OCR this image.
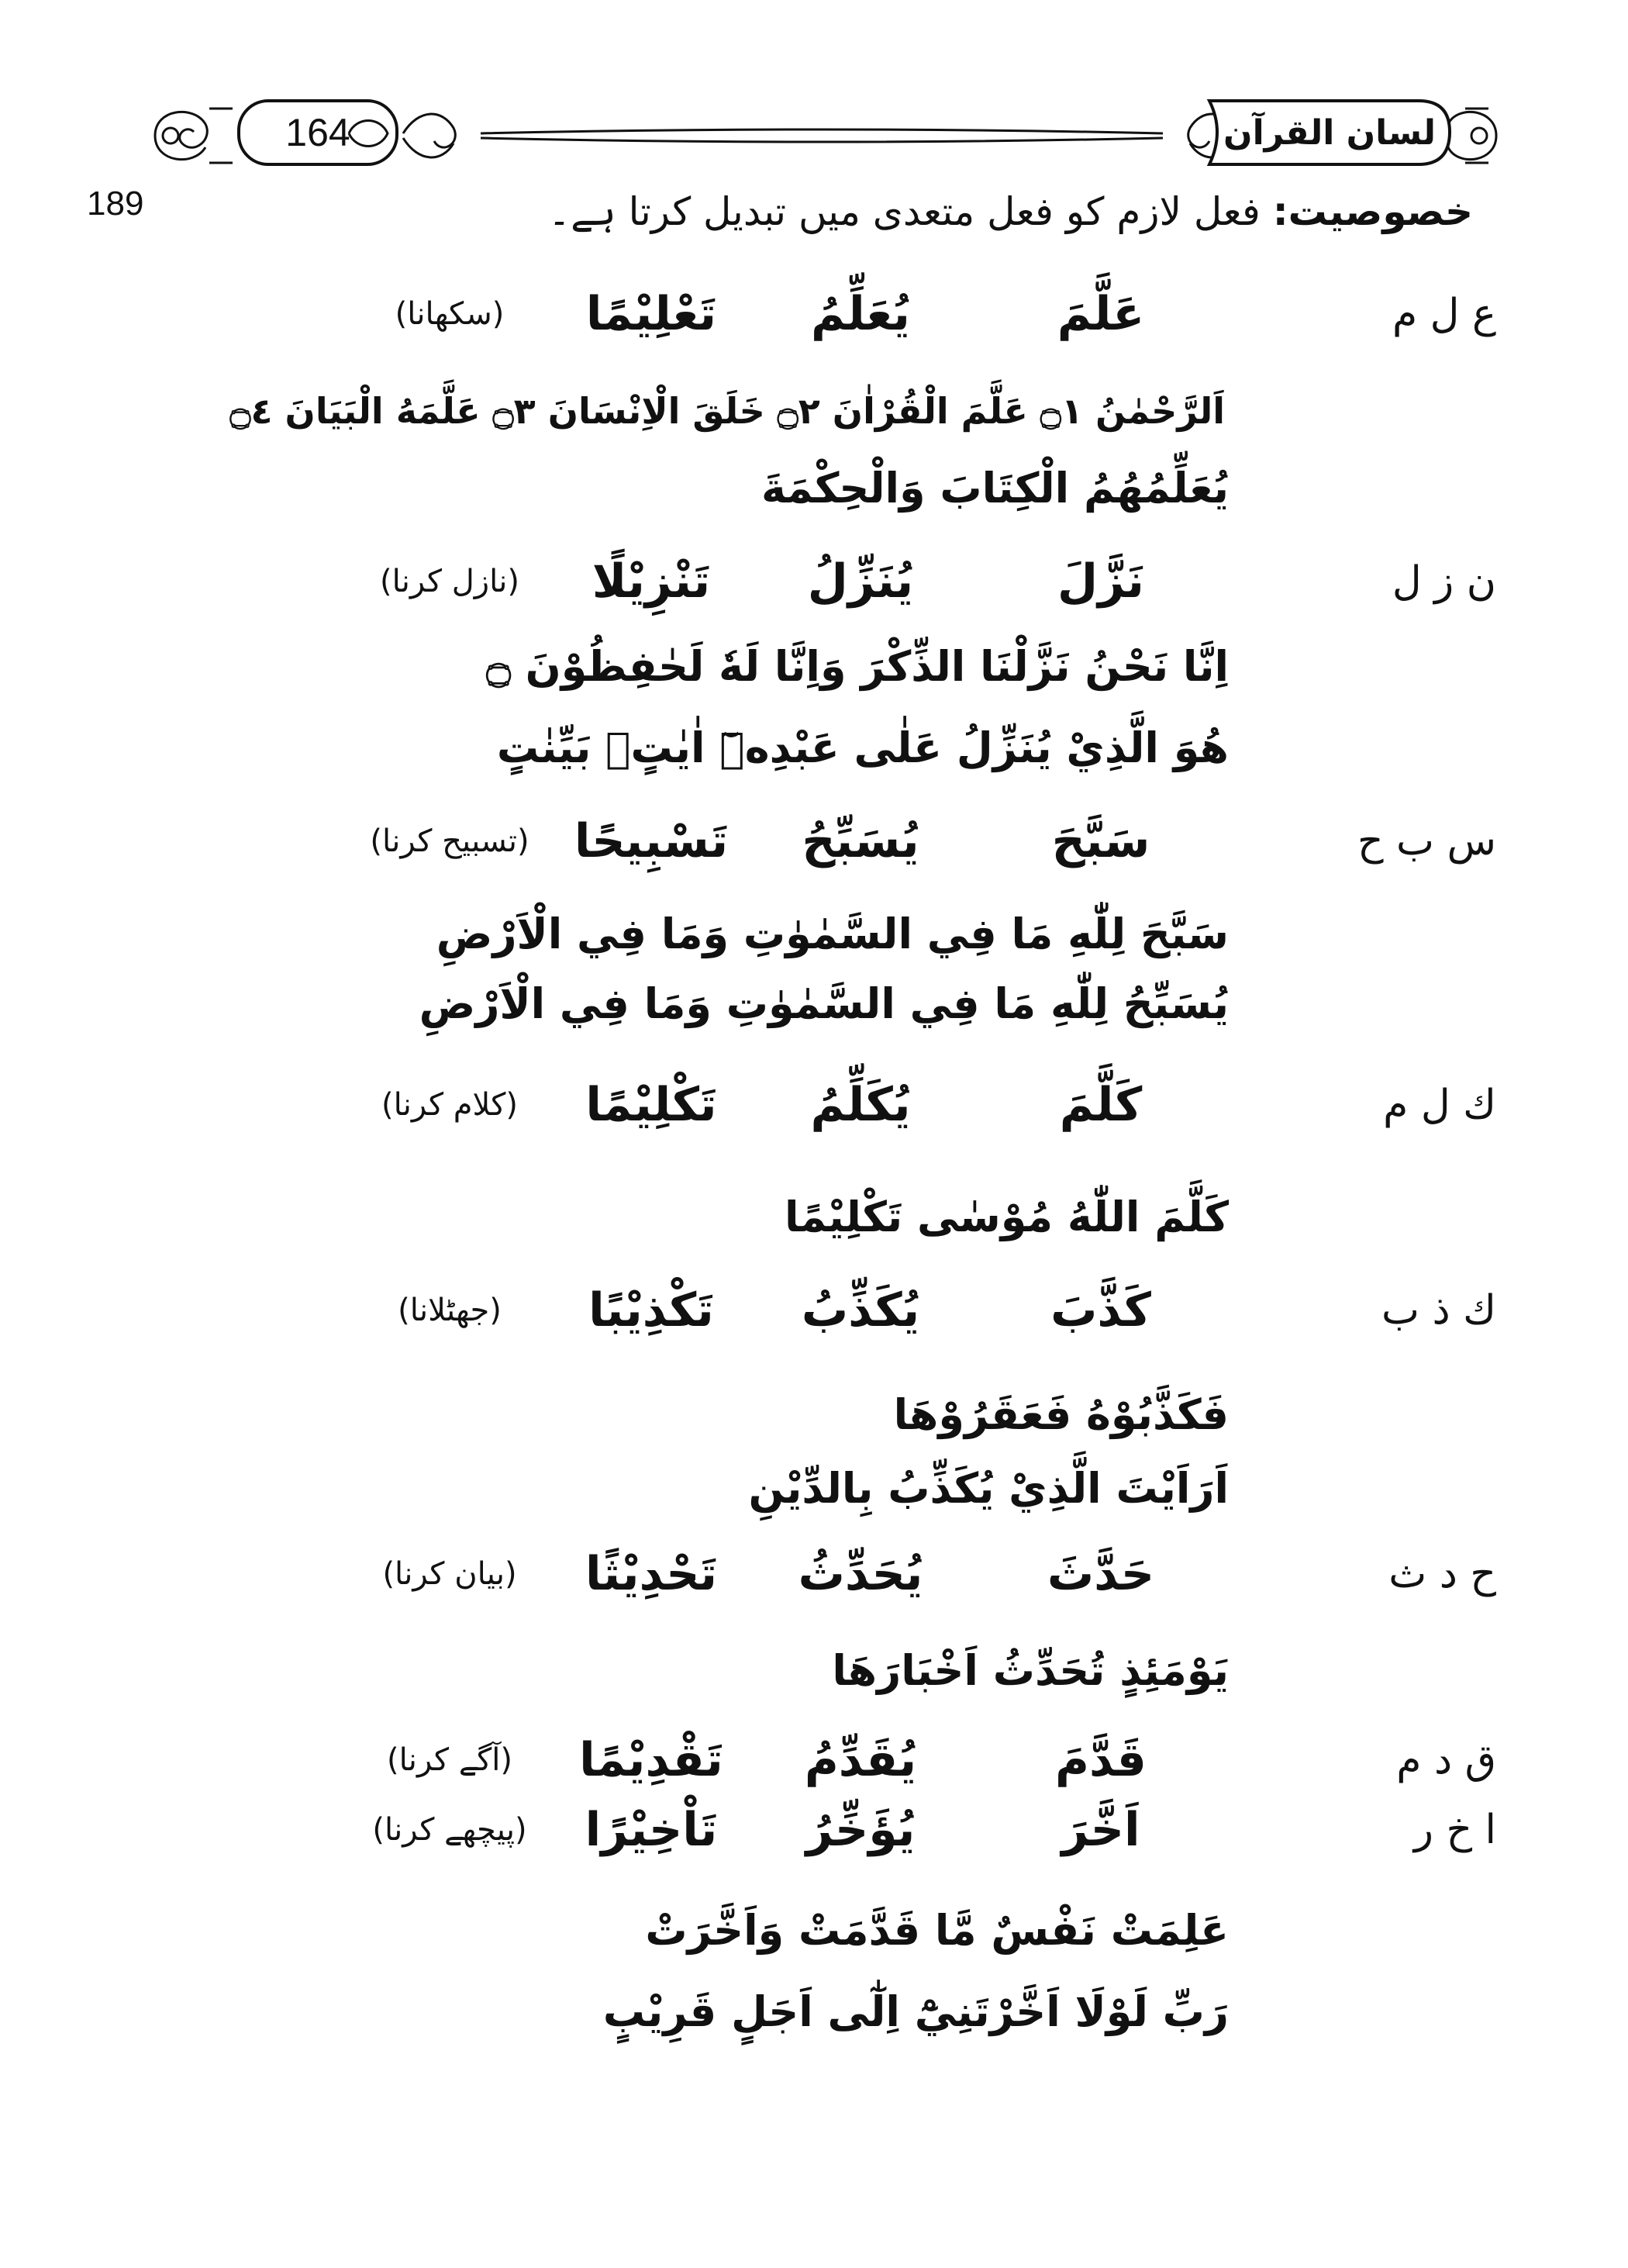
164	لسان القرآن
189	خصوصیت: فعل لازم کو فعل متعدی میں تبدیل کرتا ہے۔
ع ل م
عَلَّمَ
يُعَلِّمُ
تَعْلِيْمًا
(سکھانا)
اَلرَّحْمٰنُ ۝١ عَلَّمَ الْقُرْاٰنَ ۝٢ خَلَقَ الْاِنْسَانَ ۝٣ عَلَّمَهُ الْبَيَانَ ۝٤
يُعَلِّمُهُمُ الْكِتَابَ وَالْحِكْمَةَ
ن ز ل
نَزَّلَ
يُنَزِّلُ
تَنْزِيْلًا
(نازل کرنا)
اِنَّا نَحْنُ نَزَّلْنَا الذِّكْرَ وَاِنَّا لَهٗ لَحٰفِظُوْنَ ۝
هُوَ الَّذِيْ يُنَزِّلُ عَلٰى عَبْدِهٖٓ اٰيٰتٍۢ بَيِّنٰتٍ
س ب ح
سَبَّحَ
يُسَبِّحُ
تَسْبِيحًا
(تسبیح کرنا)
سَبَّحَ لِلّٰهِ مَا فِي السَّمٰوٰتِ وَمَا فِي الْاَرْضِ
يُسَبِّحُ لِلّٰهِ مَا فِي السَّمٰوٰتِ وَمَا فِي الْاَرْضِ
ك ل م
كَلَّمَ
يُكَلِّمُ
تَكْلِيْمًا
(کلام کرنا)
كَلَّمَ اللّٰهُ مُوْسٰى تَكْلِيْمًا
ك ذ ب
كَذَّبَ
يُكَذِّبُ
تَكْذِيْبًا
(جھٹلانا)
فَكَذَّبُوْهُ فَعَقَرُوْهَا
اَرَاَيْتَ الَّذِيْ يُكَذِّبُ بِالدِّيْنِ
ح د ث
حَدَّثَ
يُحَدِّثُ
تَحْدِيْثًا
(بیان کرنا)
يَوْمَئِذٍ تُحَدِّثُ اَخْبَارَهَا
ق د م
قَدَّمَ
يُقَدِّمُ
تَقْدِيْمًا
(آگے کرنا)
ا خ ر
اَخَّرَ
يُؤَخِّرُ
تَاْخِيْرًا
(پیچھے کرنا)
عَلِمَتْ نَفْسٌ مَّا قَدَّمَتْ وَاَخَّرَتْ
رَبِّ لَوْلَا اَخَّرْتَنِيْٓ اِلٰٓى اَجَلٍ قَرِيْبٍ
